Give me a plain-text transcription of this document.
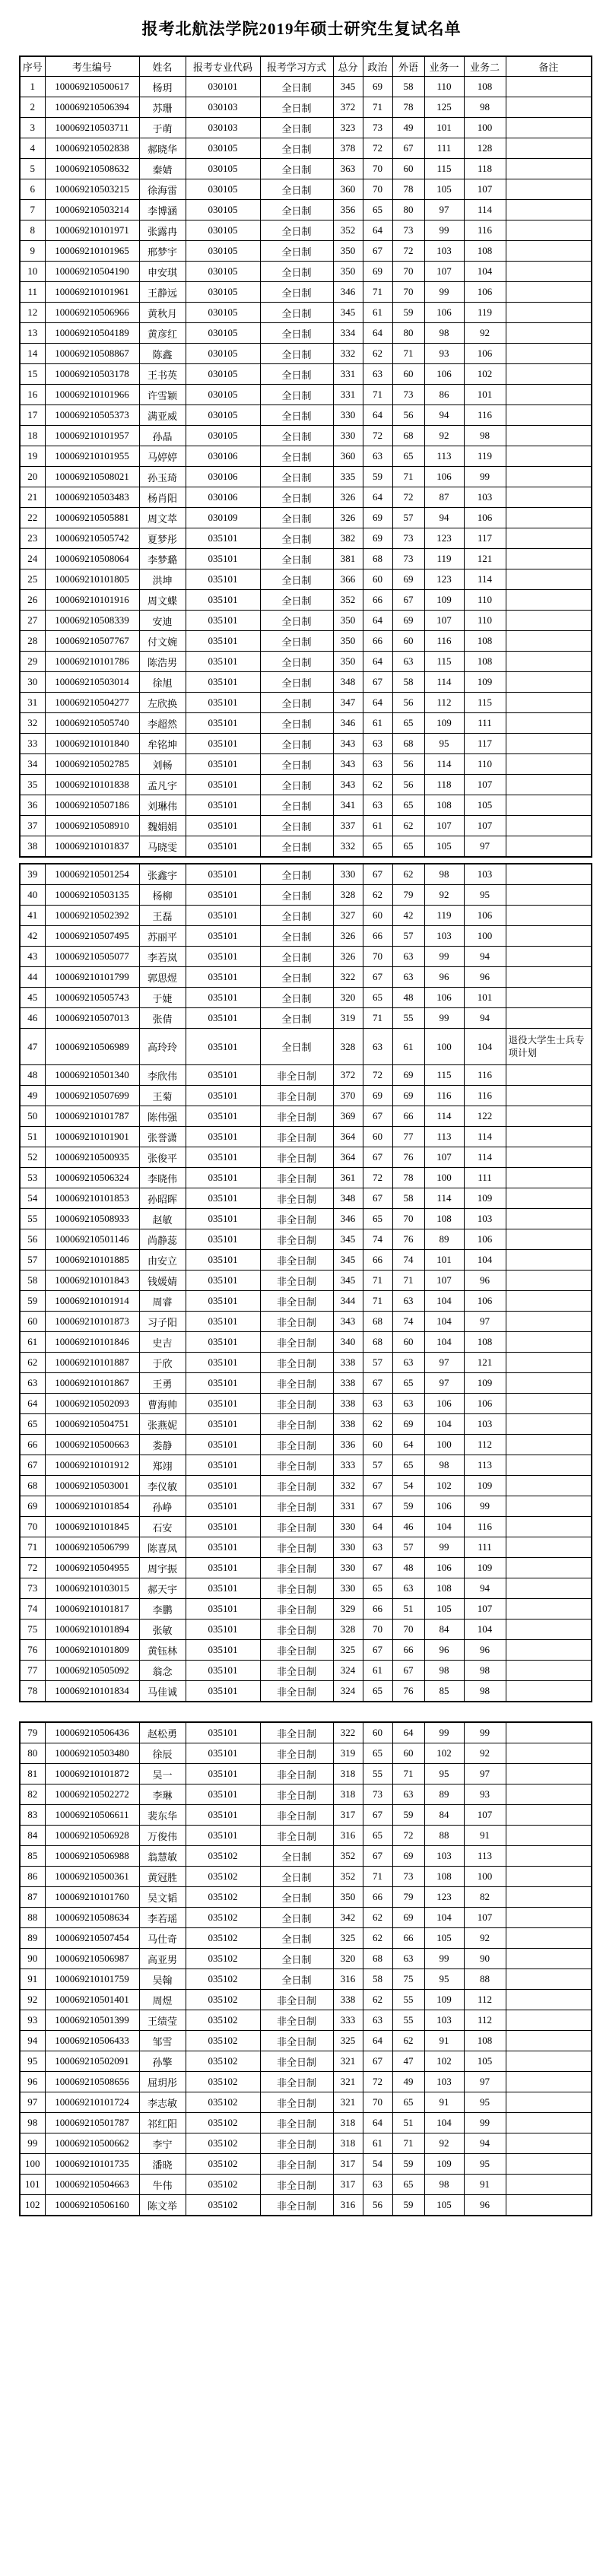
报考北航法学院2019年硕士研究生复试名单
序号	考生编号	姓名	报考专业代码	报考学习方式	总分	政治	外语	业务一	业务二	备注
1	100069210500617	杨玥	030101	全日制	345	69	58	110	108	
2	100069210506394	苏珊	030103	全日制	372	71	78	125	98	
3	100069210503711	于萌	030103	全日制	323	73	49	101	100	
4	100069210502838	郝晓华	030105	全日制	378	72	67	111	128	
5	100069210508632	秦婧	030105	全日制	363	70	60	115	118	
6	100069210503215	徐海雷	030105	全日制	360	70	78	105	107	
7	100069210503214	李博涵	030105	全日制	356	65	80	97	114	
8	100069210101971	张露冉	030105	全日制	352	64	73	99	116	
9	100069210101965	邢梦宇	030105	全日制	350	67	72	103	108	
10	100069210504190	申安琪	030105	全日制	350	69	70	107	104	
11	100069210101961	王静远	030105	全日制	346	71	70	99	106	
12	100069210506966	黄秋月	030105	全日制	345	61	59	106	119	
13	100069210504189	黄彦红	030105	全日制	334	64	80	98	92	
14	100069210508867	陈鑫	030105	全日制	332	62	71	93	106	
15	100069210503178	王书英	030105	全日制	331	63	60	106	102	
16	100069210101966	许雪颖	030105	全日制	331	71	73	86	101	
17	100069210505373	满亚威	030105	全日制	330	64	56	94	116	
18	100069210101957	孙晶	030105	全日制	330	72	68	92	98	
19	100069210101955	马婷婷	030106	全日制	360	63	65	113	119	
20	100069210508021	孙玉琦	030106	全日制	335	59	71	106	99	
21	100069210503483	杨肖阳	030106	全日制	326	64	72	87	103	
22	100069210505881	周文萃	030109	全日制	326	69	57	94	106	
23	100069210505742	夏梦彤	035101	全日制	382	69	73	123	117	
24	100069210508064	李梦璐	035101	全日制	381	68	73	119	121	
25	100069210101805	洪坤	035101	全日制	366	60	69	123	114	
26	100069210101916	周文蝶	035101	全日制	352	66	67	109	110	
27	100069210508339	安迪	035101	全日制	350	64	69	107	110	
28	100069210507767	付文婉	035101	全日制	350	66	60	116	108	
29	100069210101786	陈浩男	035101	全日制	350	64	63	115	108	
30	100069210503014	徐旭	035101	全日制	348	67	58	114	109	
31	100069210504277	左欣换	035101	全日制	347	64	56	112	115	
32	100069210505740	李超然	035101	全日制	346	61	65	109	111	
33	100069210101840	牟铭坤	035101	全日制	343	63	68	95	117	
34	100069210502785	刘畅	035101	全日制	343	63	56	114	110	
35	100069210101838	孟凡宇	035101	全日制	343	62	56	118	107	
36	100069210507186	刘琳伟	035101	全日制	341	63	65	108	105	
37	100069210508910	魏娟娟	035101	全日制	337	61	62	107	107	
38	100069210101837	马晓雯	035101	全日制	332	65	65	105	97	
39	100069210501254	张鑫宇	035101	全日制	330	67	62	98	103	
40	100069210503135	杨柳	035101	全日制	328	62	79	92	95	
41	100069210502392	王磊	035101	全日制	327	60	42	119	106	
42	100069210507495	苏丽平	035101	全日制	326	66	57	103	100	
43	100069210505077	李若岚	035101	全日制	326	70	63	99	94	
44	100069210101799	郭思煜	035101	全日制	322	67	63	96	96	
45	100069210505743	于婕	035101	全日制	320	65	48	106	101	
46	100069210507013	张倩	035101	全日制	319	71	55	99	94	
47	100069210506989	高玲玲	035101	全日制	328	63	61	100	104	退役大学生士兵专项计划
48	100069210501340	李欣伟	035101	非全日制	372	72	69	115	116	
49	100069210507699	王菊	035101	非全日制	370	69	69	116	116	
50	100069210101787	陈伟强	035101	非全日制	369	67	66	114	122	
51	100069210101901	张誉潇	035101	非全日制	364	60	77	113	114	
52	100069210500935	张俊平	035101	非全日制	364	67	76	107	114	
53	100069210506324	李晓伟	035101	非全日制	361	72	78	100	111	
54	100069210101853	孙昭晖	035101	非全日制	348	67	58	114	109	
55	100069210508933	赵敏	035101	非全日制	346	65	70	108	103	
56	100069210501146	尚静蕊	035101	非全日制	345	74	76	89	106	
57	100069210101885	由安立	035101	非全日制	345	66	74	101	104	
58	100069210101843	钱媛婧	035101	非全日制	345	71	71	107	96	
59	100069210101914	周睿	035101	非全日制	344	71	63	104	106	
60	100069210101873	习子阳	035101	非全日制	343	68	74	104	97	
61	100069210101846	史吉	035101	非全日制	340	68	60	104	108	
62	100069210101887	于欣	035101	非全日制	338	57	63	97	121	
63	100069210101867	王勇	035101	非全日制	338	67	65	97	109	
64	100069210502093	曹海帅	035101	非全日制	338	63	63	106	106	
65	100069210504751	张燕妮	035101	非全日制	338	62	69	104	103	
66	100069210500663	娄静	035101	非全日制	336	60	64	100	112	
67	100069210101912	郑翊	035101	非全日制	333	57	65	98	113	
68	100069210503001	李仪敏	035101	非全日制	332	67	54	102	109	
69	100069210101854	孙峥	035101	非全日制	331	67	59	106	99	
70	100069210101845	石安	035101	非全日制	330	64	46	104	116	
71	100069210506799	陈喜凤	035101	非全日制	330	63	57	99	111	
72	100069210504955	周宇振	035101	非全日制	330	67	48	106	109	
73	100069210103015	郝天宇	035101	非全日制	330	65	63	108	94	
74	100069210101817	李鹏	035101	非全日制	329	66	51	105	107	
75	100069210101894	张敏	035101	非全日制	328	70	70	84	104	
76	100069210101809	黄钰林	035101	非全日制	325	67	66	96	96	
77	100069210505092	翁念	035101	非全日制	324	61	67	98	98	
78	100069210101834	马佳诚	035101	非全日制	324	65	76	85	98	
79	100069210506436	赵松勇	035101	非全日制	322	60	64	99	99	
80	100069210503480	徐辰	035101	非全日制	319	65	60	102	92	
81	100069210101872	吴一	035101	非全日制	318	55	71	95	97	
82	100069210502272	李琳	035101	非全日制	318	73	63	89	93	
83	100069210506611	裴东华	035101	非全日制	317	67	59	84	107	
84	100069210506928	万俊伟	035101	非全日制	316	65	72	88	91	
85	100069210506988	翁慧敏	035102	全日制	352	67	69	103	113	
86	100069210500361	黄冠胜	035102	全日制	352	71	73	108	100	
87	100069210101760	吴文韬	035102	全日制	350	66	79	123	82	
88	100069210508634	李若瑶	035102	全日制	342	62	69	104	107	
89	100069210507454	马仕奇	035102	全日制	325	62	66	105	92	
90	100069210506987	高亚男	035102	全日制	320	68	63	99	90	
91	100069210101759	吴翰	035102	全日制	316	58	75	95	88	
92	100069210501401	周煜	035102	非全日制	338	62	55	109	112	
93	100069210501399	王绩莹	035102	非全日制	333	63	55	103	112	
94	100069210506433	邹雪	035102	非全日制	325	64	62	91	108	
95	100069210502091	孙擎	035102	非全日制	321	67	47	102	105	
96	100069210508656	屈玥彤	035102	非全日制	321	72	49	103	97	
97	100069210101724	李志敏	035102	非全日制	321	70	65	91	95	
98	100069210501787	祁红阳	035102	非全日制	318	64	51	104	99	
99	100069210500662	李宁	035102	非全日制	318	61	71	92	94	
100	100069210101735	潘晓	035102	非全日制	317	54	59	109	95	
101	100069210504663	牛伟	035102	非全日制	317	63	65	98	91	
102	100069210506160	陈文举	035102	非全日制	316	56	59	105	96	
